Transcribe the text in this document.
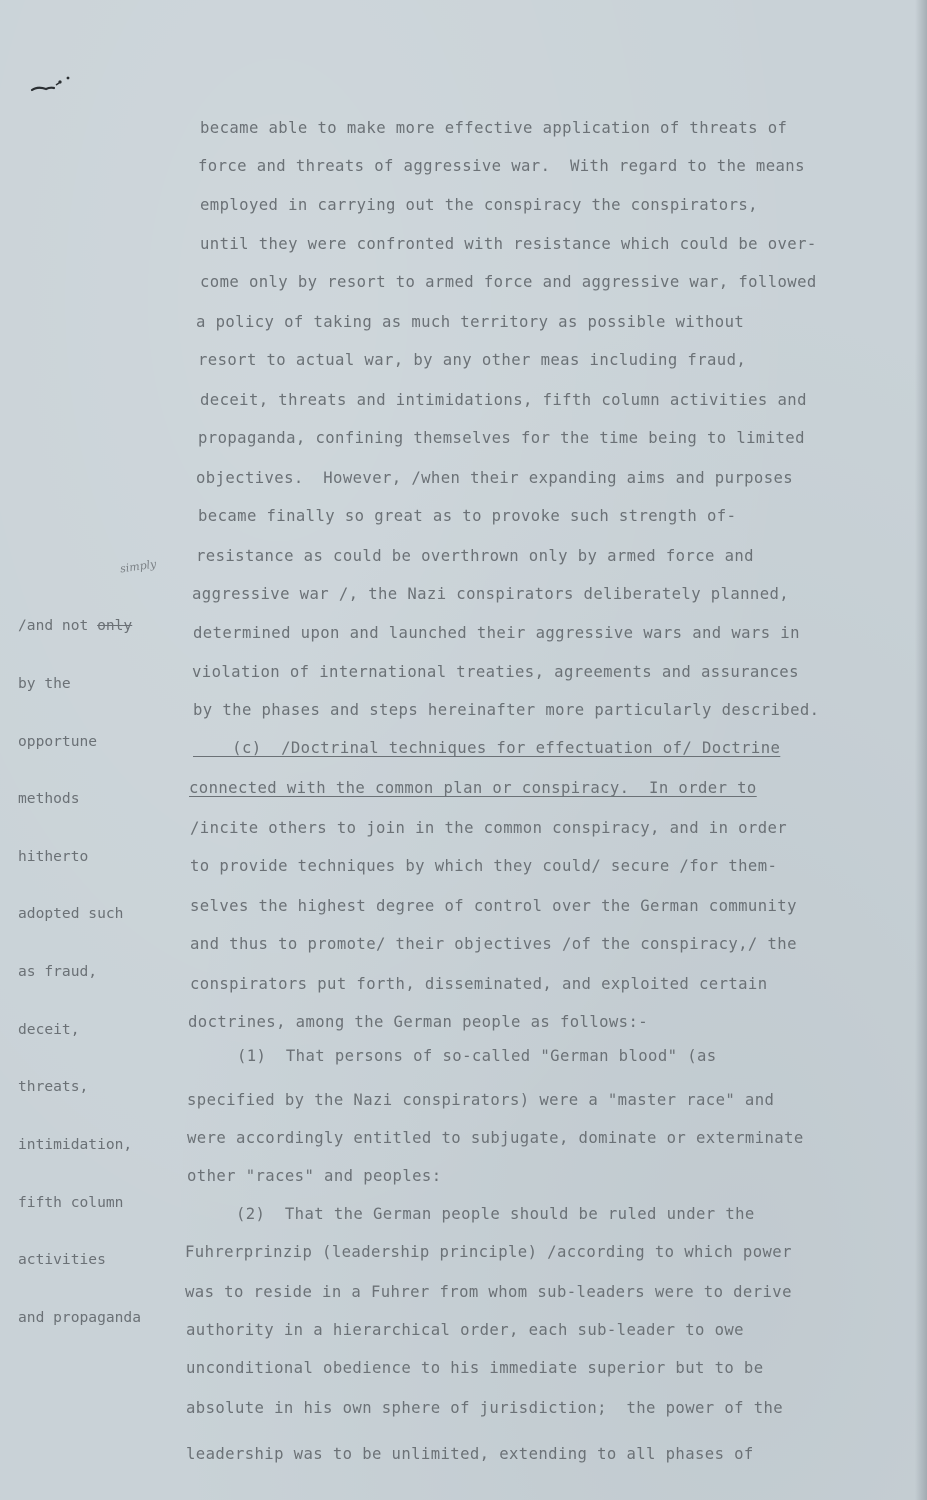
became able to make more effective application of threats of
force and threats of aggressive war.  With regard to the means
employed in carrying out the conspiracy the conspirators,
until they were confronted with resistance which could be over-
come only by resort to armed force and aggressive war, followed
a policy of taking as much territory as possible without
resort to actual war, by any other meas including fraud,
deceit, threats and intimidations, fifth column activities and
propaganda, confining themselves for the time being to limited
objectives.  However, /when their expanding aims and purposes
became finally so great as to provoke such strength of-
resistance as could be overthrown only by armed force and
aggressive war /, the Nazi conspirators deliberately planned,
determined upon and launched their aggressive wars and wars in
violation of international treaties, agreements and assurances
by the phases and steps hereinafter more particularly described.
(c)  /Doctrinal techniques for effectuation of/ Doctrine
connected with the common plan or conspiracy.  In order to
/incite others to join in the common conspiracy, and in order
to provide techniques by which they could/ secure /for them-
selves the highest degree of control over the German community
and thus to promote/ their objectives /of the conspiracy,/ the
conspirators put forth, disseminated, and exploited certain
doctrines, among the German people as follows:-
(1)  That persons of so-called "German blood" (as
specified by the Nazi conspirators) were a "master race" and
were accordingly entitled to subjugate, dominate or exterminate
other "races" and peoples:
(2)  That the German people should be ruled under the
Fuhrerprinzip (leadership principle) /according to which power
was to reside in a Fuhrer from whom sub-leaders were to derive
authority in a hierarchical order, each sub-leader to owe
unconditional obedience to his immediate superior but to be
absolute in his own sphere of jurisdiction;  the power of the
leadership was to be unlimited, extending to all phases of
simply

/and not only

by the

opportune

methods

hitherto

adopted such

as fraud,

deceit,

threats,

intimidation,

fifth column

activities

and propaganda
